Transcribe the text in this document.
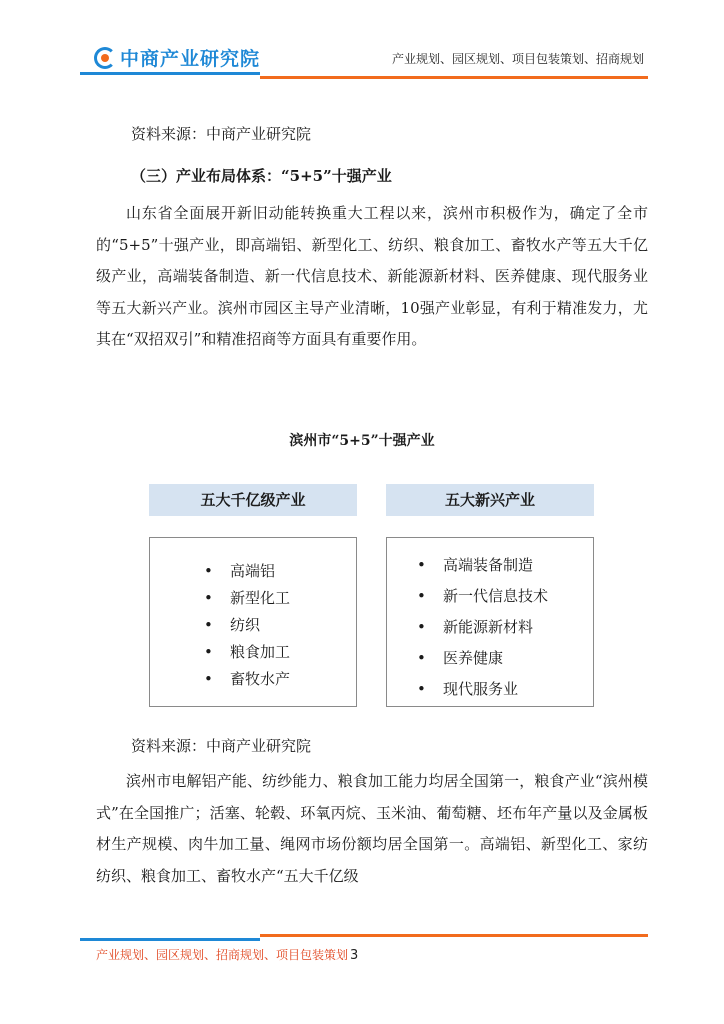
中商产业研究院	产业规划、园区规划、项目包装策划、招商规划
资料来源：中商产业研究院
（三）产业布局体系：“5+5”十强产业

山东省全面展开新旧动能转换重大工程以来，滨州市积极作为，确定了全市的“5+5”十强产业，即高端铝、新型化工、纺织、粮食加工、畜牧水产等五大千亿级产业，高端装备制造、新一代信息技术、新能源新材料、医养健康、现代服务业等五大新兴产业。滨州市园区主导产业清晰，10强产业彰显，有利于精准发力，尤其在“双招双引”和精准招商等方面具有重要作用。

滨州市“5+5”十强产业
五大千亿级产业	五大新兴产业
• 高端铝
• 新型化工
• 纺织
• 粮食加工
• 畜牧水产
• 高端装备制造
• 新一代信息技术
• 新能源新材料
• 医养健康
• 现代服务业
资料来源：中商产业研究院

滨州市电解铝产能、纺纱能力、粮食加工能力均居全国第一，粮食产业“滨州模式”在全国推广；活塞、轮毂、环氧丙烷、玉米油、葡萄糖、坯布年产量以及金属板材生产规模、肉牛加工量、绳网市场份额均居全国第一。高端铝、新型化工、家纺纺织、粮食加工、畜牧水产“五大千亿级

产业规划、园区规划、招商规划、项目包装策划 3
